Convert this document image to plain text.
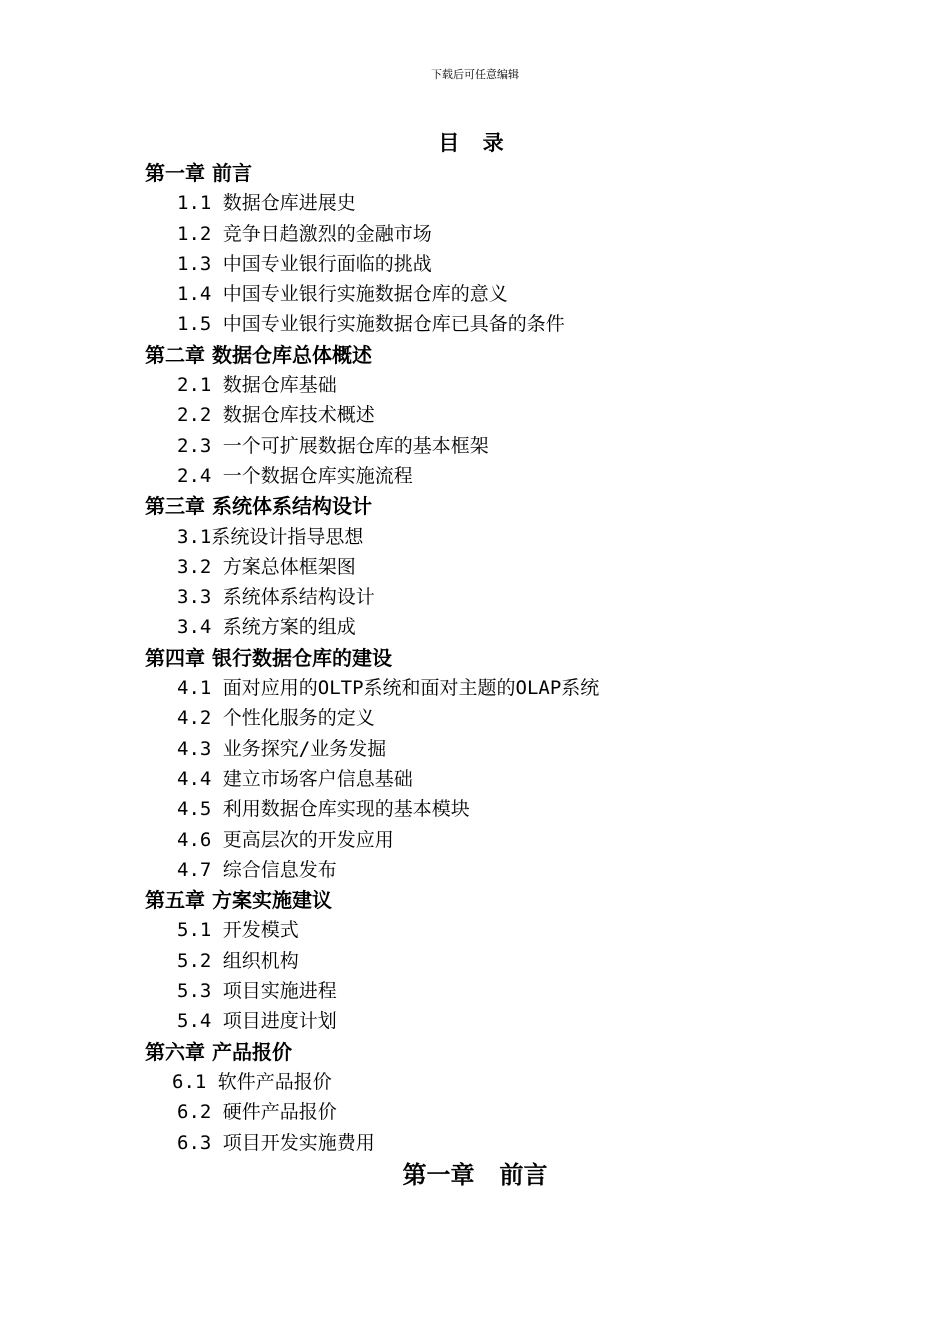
下载后可任意编辑
目 录
第一章 前言
1.1 数据仓库进展史
1.2 竞争日趋激烈的金融市场
1.3 中国专业银行面临的挑战
1.4 中国专业银行实施数据仓库的意义
1.5 中国专业银行实施数据仓库已具备的条件
第二章 数据仓库总体概述
2.1 数据仓库基础
2.2 数据仓库技术概述
2.3 一个可扩展数据仓库的基本框架
2.4 一个数据仓库实施流程
第三章 系统体系结构设计
3.1系统设计指导思想
3.2 方案总体框架图
3.3 系统体系结构设计
3.4 系统方案的组成
第四章 银行数据仓库的建设
4.1 面对应用的OLTP系统和面对主题的OLAP系统
4.2 个性化服务的定义
4.3 业务探究/业务发掘
4.4 建立市场客户信息基础
4.5 利用数据仓库实现的基本模块
4.6 更高层次的开发应用
4.7 综合信息发布
第五章 方案实施建议
5.1 开发模式
5.2 组织机构
5.3 项目实施进程
5.4 项目进度计划
第六章 产品报价
6.1 软件产品报价
6.2 硬件产品报价
6.3 项目开发实施费用
第一章   前言
